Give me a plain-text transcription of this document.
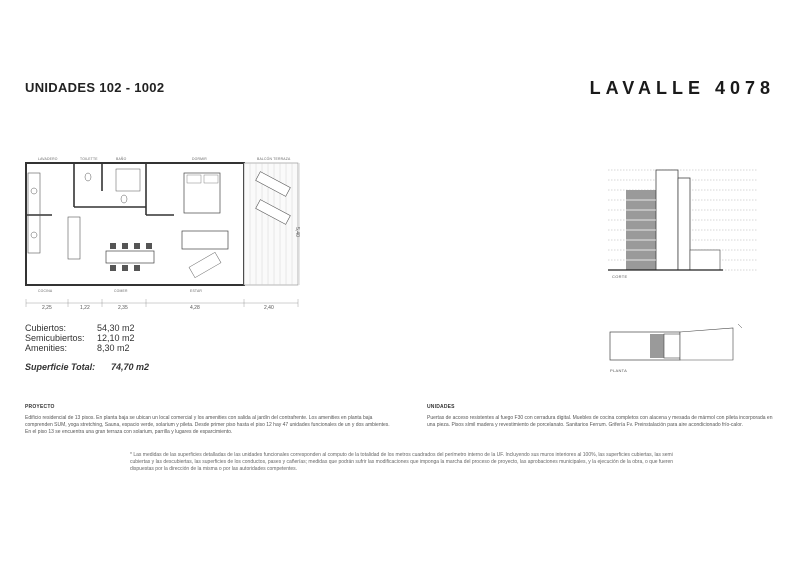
UNIDADES 102 - 1002	LAVALLE 4078
LAVADERO	TOILETTE	BAÑO	DORMIR	BALCÓN TERRAZA
COCINA	COMER	ESTAR
2,25	1,22	2,35	4,28	2,40
5,40
Cubiertos:	54,30 m2
Semicubiertos:	12,10 m2
Amenities:	8,30 m2
Superficie Total:	74,70 m2
CORTE
PLANTA
PROYECTO
Edificio residencial de 13 pisos. En planta baja se ubican un local comercial y los amenities con salida al jardín del contrafrente. Los amenities en planta baja comprenden SUM, yoga stretching, Sauna, espacio verde, solarium y pileta. Desde primer piso hasta el piso 12 hay 47 unidades funcionales de un y dos ambientes. En el piso 13 se encuentra una gran terraza con solarium, parrilla y lugares de esparcimiento.
UNIDADES
Puertas de acceso resistentes al fuego F30 con cerradura digital. Muebles de cocina completos con alacena y mesada de mármol con pileta incorporada en una pieza. Pisos símil madera y revestimiento de porcelanato. Sanitarios Ferrum. Grifería Fv. Preinstalación para aire acondicionado frío-calor.
* Las medidas de las superficies detalladas de las unidades funcionales corresponden al computo de la totalidad de los metros cuadrados del perímetro interno de la UF. Incluyendo sus muros interiores al 100%, las superficies cubiertas, las semi cubiertas y las descubiertas, las superficies de los conductos, pases y cañerías; medidas que podrán sufrir las modificaciones que imponga la marcha del proceso de proyecto, las aprobaciones municipales, y la ejecución de la obra, o que fueren dispuestas por la dirección de la misma o por las autoridades competentes.
